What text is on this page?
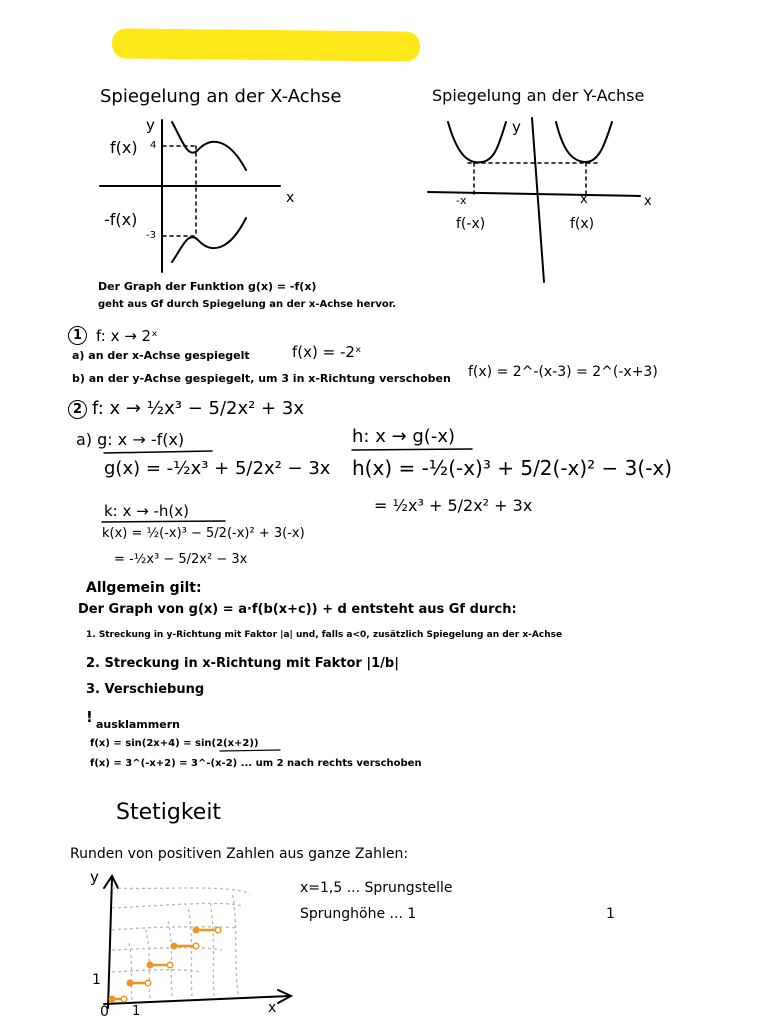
Spiegelung an der X-Achse
f(x)
y
4
x
-f(x)
-3
Spiegelung an der Y-Achse
y
-x	x	x
f(-x)	f(x)
Der Graph der Funktion g(x) = -f(x)
geht aus Gf durch Spiegelung an der x-Achse hervor.
1 f: x → 2ˣ
a) an der x-Achse gespiegelt	f(x) = -2ˣ
b) an der y-Achse gespiegelt, um 3 in x-Richtung verschoben f(x) = 2^-(x-3) = 2^(-x+3)
2 f: x → ½x³ − 5/2x² + 3x
a) g: x → -f(x)
g(x) = -½x³ + 5/2x² − 3x
h: x → g(-x)
h(x) = -½(-x)³ + 5/2(-x)² − 3(-x)
= ½x³ + 5/2x² + 3x
k: x → -h(x)
k(x) = ½(-x)³ − 5/2(-x)² + 3(-x)
= -½x³ − 5/2x² − 3x
Allgemein gilt:
Der Graph von g(x) = a·f(b(x+c)) + d entsteht aus Gf durch:
1. Streckung in y-Richtung mit Faktor |a| und, falls a<0, zusätzlich Spiegelung an der x-Achse
2. Streckung in x-Richtung mit Faktor |1/b|
3. Verschiebung
! ausklammern
f(x) = sin(2x+4) = sin(2(x+2))
f(x) = 3^(-x+2) = 3^-(x-2) ... um 2 nach rechts verschoben
Stetigkeit
Runden von positiven Zahlen aus ganze Zahlen:
x=1,5 ... Sprungstelle
Sprunghöhe ... 1	1
y
1
0 1	x
